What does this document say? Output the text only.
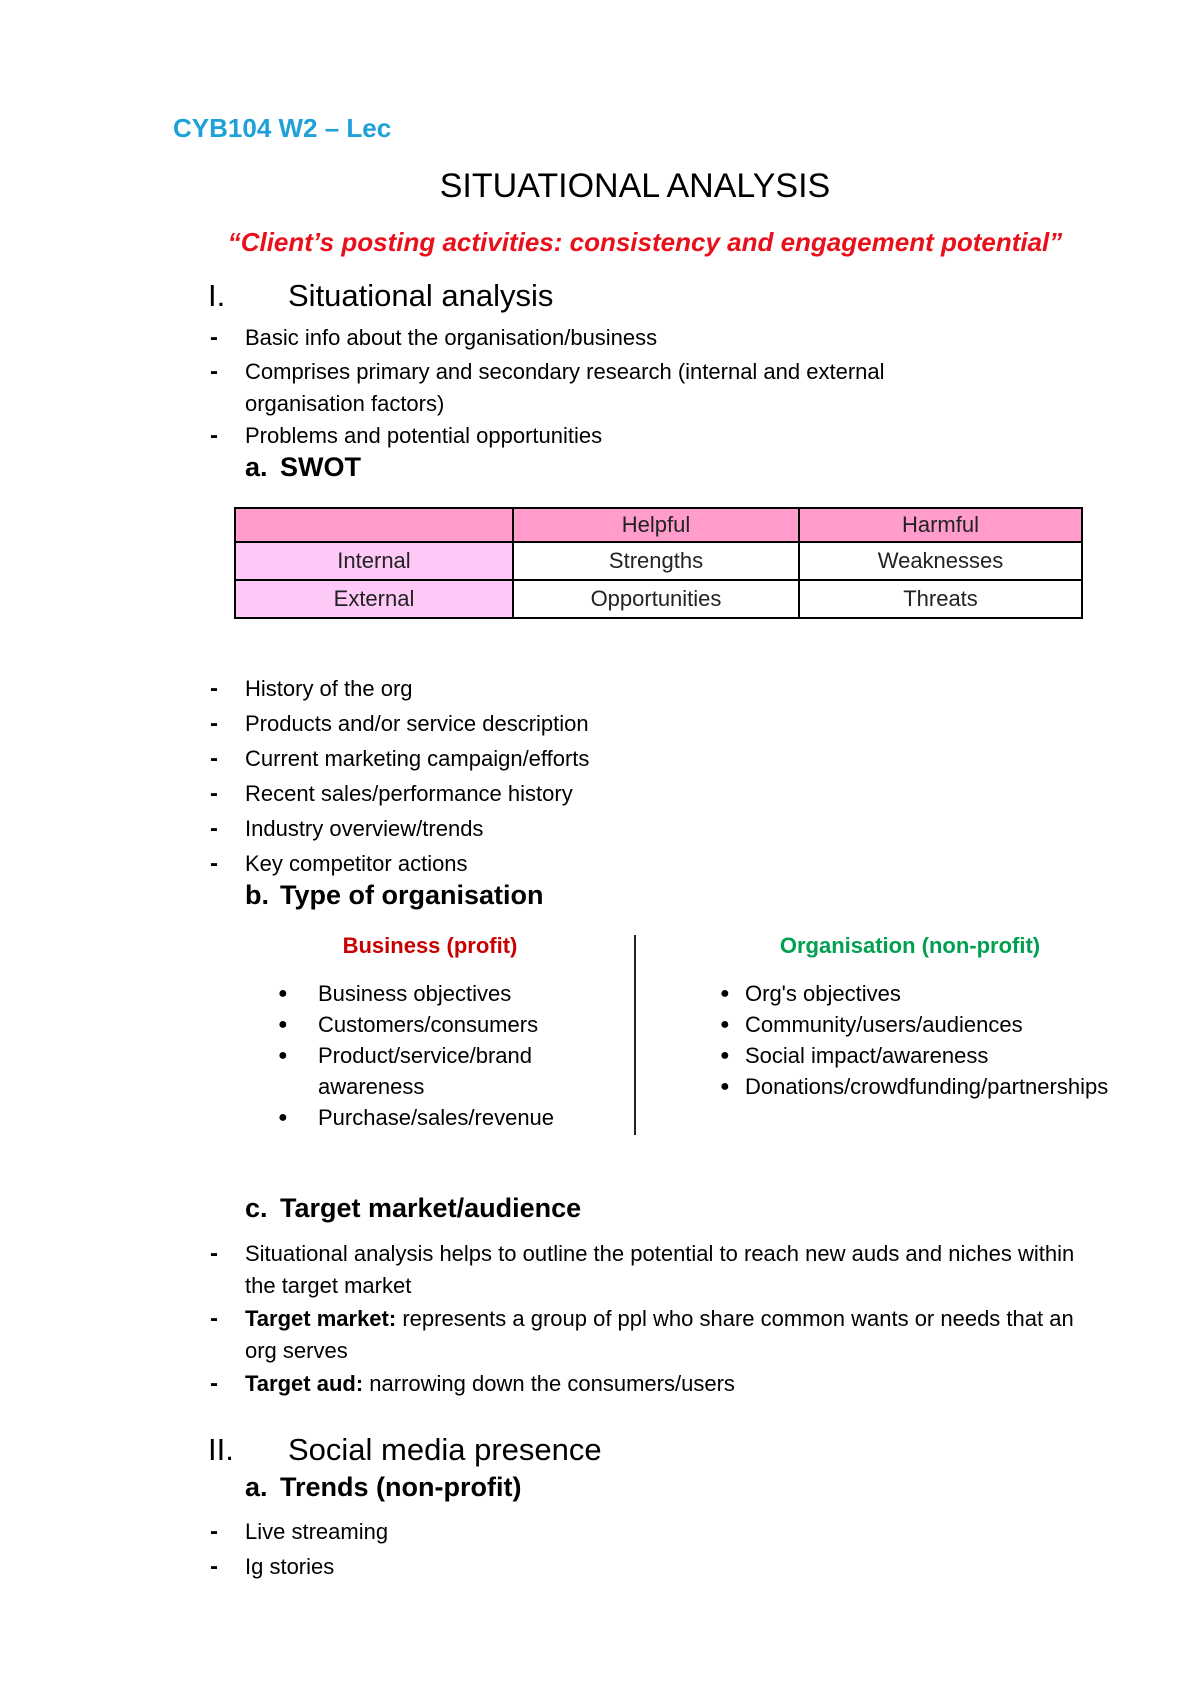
CYB104 W2 – Lec
SITUATIONAL ANALYSIS
“Client’s posting activities: consistency and engagement potential”
I.	Situational analysis
-	Basic info about the organisation/business
-	Comprises primary and secondary research (internal and external organisation factors)
-	Problems and potential opportunities
a. SWOT
	Helpful	Harmful
Internal	Strengths	Weaknesses
External	Opportunities	Threats
-	History of the org
-	Products and/or service description
-	Current marketing campaign/efforts
-	Recent sales/performance history
-	Industry overview/trends
-	Key competitor actions
b. Type of organisation
Business (profit)	Organisation (non-profit)
●	Business objectives
●	Customers/consumers
●	Product/service/brand awareness
●	Purchase/sales/revenue
● Org's objectives
● Community/users/audiences
● Social impact/awareness
● Donations/crowdfunding/partnerships
c. Target market/audience
-	Situational analysis helps to outline the potential to reach new auds and niches within the target market
-	Target market: represents a group of ppl who share common wants or needs that an org serves
-	Target aud: narrowing down the consumers/users
II.	Social media presence
a. Trends (non-profit)
-	Live streaming
-	Ig stories
